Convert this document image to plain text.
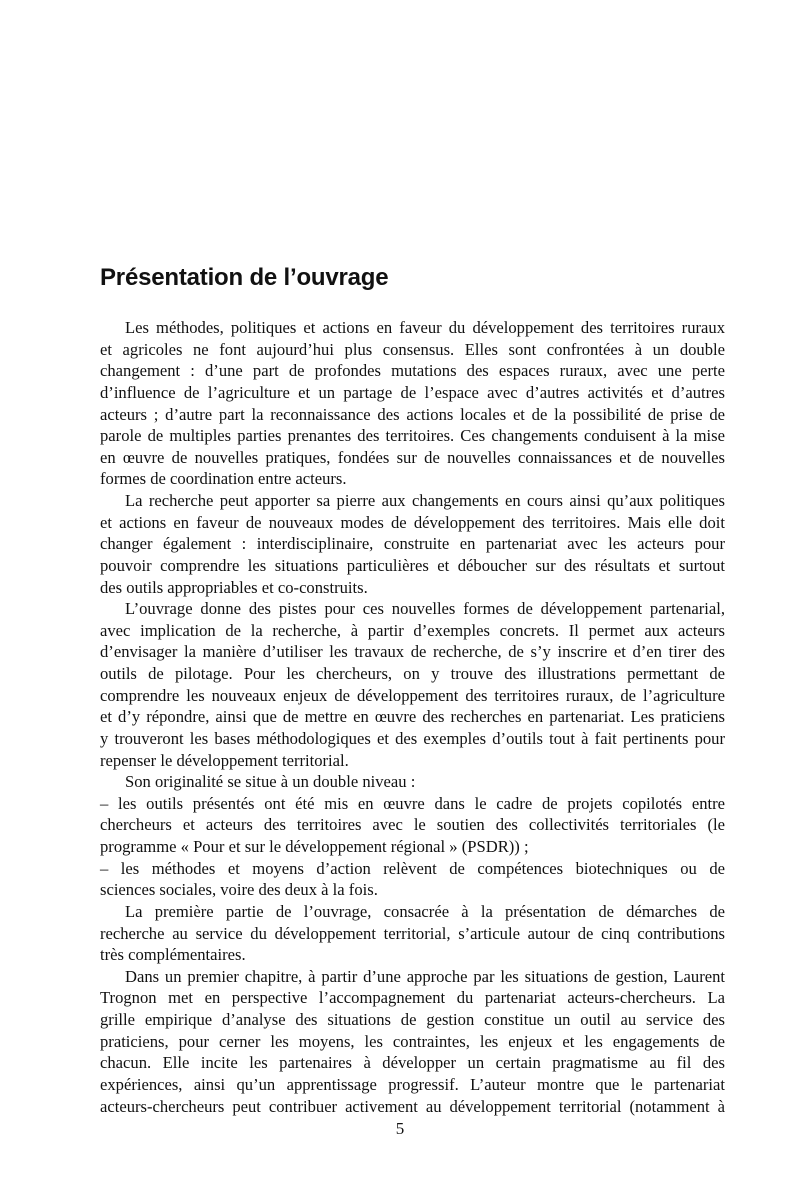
Présentation de l’ouvrage
Les méthodes, politiques et actions en faveur du développement des territoires ruraux
et agricoles ne font aujourd’hui plus consensus. Elles sont confrontées à un double
changement : d’une part de profondes mutations des espaces ruraux, avec une perte
d’influence de l’agriculture et un partage de l’espace avec d’autres activités et d’autres
acteurs ; d’autre part la reconnaissance des actions locales et de la possibilité de prise de
parole de multiples parties prenantes des territoires. Ces changements conduisent à la mise
en œuvre de nouvelles pratiques, fondées sur de nouvelles connaissances et de nouvelles
formes de coordination entre acteurs.
La recherche peut apporter sa pierre aux changements en cours ainsi qu’aux politiques
et actions en faveur de nouveaux modes de développement des territoires. Mais elle doit
changer également : interdisciplinaire, construite en partenariat avec les acteurs pour
pouvoir comprendre les situations particulières et déboucher sur des résultats et surtout
des outils appropriables et co-construits.
L’ouvrage donne des pistes pour ces nouvelles formes de développement partenarial,
avec implication de la recherche, à partir d’exemples concrets. Il permet aux acteurs
d’envisager la manière d’utiliser les travaux de recherche, de s’y inscrire et d’en tirer des
outils de pilotage. Pour les chercheurs, on y trouve des illustrations permettant de
comprendre les nouveaux enjeux de développement des territoires ruraux, de l’agriculture
et d’y répondre, ainsi que de mettre en œuvre des recherches en partenariat. Les praticiens
y trouveront les bases méthodologiques et des exemples d’outils tout à fait pertinents pour
repenser le développement territorial.
Son originalité se situe à un double niveau :
– les outils présentés ont été mis en œuvre dans le cadre de projets copilotés entre
chercheurs et acteurs des territoires avec le soutien des collectivités territoriales (le
programme « Pour et sur le développement régional » (PSDR)) ;
– les méthodes et moyens d’action relèvent de compétences biotechniques ou de
sciences sociales, voire des deux à la fois.
La première partie de l’ouvrage, consacrée à la présentation de démarches de
recherche au service du développement territorial, s’articule autour de cinq contributions
très complémentaires.
Dans un premier chapitre, à partir d’une approche par les situations de gestion, Laurent
Trognon met en perspective l’accompagnement du partenariat acteurs-chercheurs. La
grille empirique d’analyse des situations de gestion constitue un outil au service des
praticiens, pour cerner les moyens, les contraintes, les enjeux et les engagements de
chacun. Elle incite les partenaires à développer un certain pragmatisme au fil des
expériences, ainsi qu’un apprentissage progressif. L’auteur montre que le partenariat
acteurs-chercheurs peut contribuer activement au développement territorial (notamment à
5
